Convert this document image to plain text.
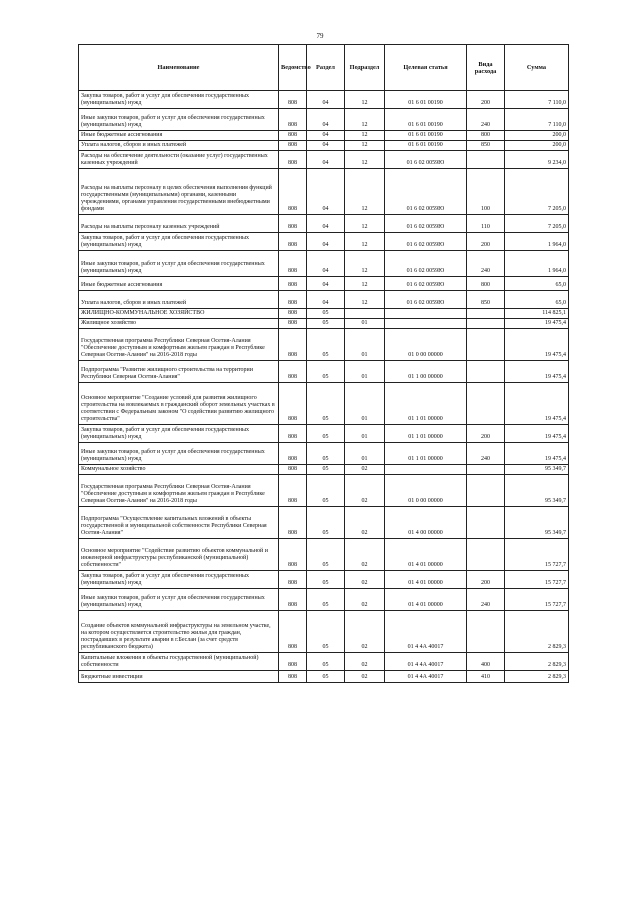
79
Наименование	Ведомство	Раздел	Подраздел	Целевая статья	Вида расхода	Сумма
Закупка товаров, работ и услуг для обеспечения государственных (муниципальных) нужд	808	04	12	01 6 01 00190	200	7 110,0
Иные закупки товаров, работ и услуг для обеспечения государственных (муниципальных) нужд	808	04	12	01 6 01 00190	240	7 110,0
Иные бюджетные ассигнования	808	04	12	01 6 01 00190	800	200,0
Уплата налогов, сборов и иных платежей	808	04	12	01 6 01 00190	850	200,0
Расходы на обеспечение деятельности (оказание услуг) государственных казенных учреждений	808	04	12	01 6 02 0059Ю		9 234,0
Расходы на выплаты персоналу в целях обеспечения выполнения функций государственными (муниципальными) органами, казенными учреждениями, органами управления государственными внебюджетными фондами	808	04	12	01 6 02 0059Ю	100	7 205,0
Расходы на выплаты персоналу казенных учреждений	808	04	12	01 6 02 0059Ю	110	7 205,0
Закупка товаров, работ и услуг для обеспечения государственных (муниципальных) нужд	808	04	12	01 6 02 0059Ю	200	1 964,0
Иные закупки товаров, работ и услуг для обеспечения государственных (муниципальных) нужд	808	04	12	01 6 02 0059Ю	240	1 964,0
Иные бюджетные ассигнования	808	04	12	01 6 02 0059Ю	800	65,0
Уплата налогов, сборов и иных платежей	808	04	12	01 6 02 0059Ю	850	65,0
ЖИЛИЩНО-КОММУНАЛЬНОЕ ХОЗЯЙСТВО	808	05				114 825,1
Жилищное хозяйство	808	05	01			19 475,4
Государственная программа Республики Северная Осетия-Алания "Обеспечение доступным и комфортным жильем граждан в Республике Северная Осетия-Алания" на 2016-2018 годы	808	05	01	01 0 00 00000		19 475,4
Подпрограмма "Развитие жилищного строительства на территории Республики Северная Осетия-Алания"	808	05	01	01 1 00 00000		19 475,4
Основное мероприятие "Создание условий для развития жилищного строительства на вовлекаемых в гражданский оборот земельных участках в соответствии с Федеральным законом "О содействии развитию жилищного строительства"	808	05	01	01 1 01 00000		19 475,4
Закупка товаров, работ и услуг для обеспечения государственных (муниципальных) нужд	808	05	01	01 1 01 00000	200	19 475,4
Иные закупки товаров, работ и услуг для обеспечения государственных (муниципальных) нужд	808	05	01	01 1 01 00000	240	19 475,4
Коммунальное хозяйство	808	05	02			95 349,7
Государственная программа Республики Северная Осетия-Алания "Обеспечение доступным и комфортным жильем граждан в Республике Северная Осетия-Алания" на 2016-2018 годы	808	05	02	01 0 00 00000		95 349,7
Подпрограмма "Осуществление капитальных вложений в объекты государственной и муниципальной собственности Республики Северная Осетия-Алания"	808	05	02	01 4 00 00000		95 349,7
Основное мероприятие "Содействие развитию объектов коммунальной и инженерной инфраструктуры республиканской (муниципальной) собственности"	808	05	02	01 4 01 00000		15 727,7
Закупка товаров, работ и услуг для обеспечения государственных (муниципальных) нужд	808	05	02	01 4 01 00000	200	15 727,7
Иные закупки товаров, работ и услуг для обеспечения государственных (муниципальных) нужд	808	05	02	01 4 01 00000	240	15 727,7
Создание объектов коммунальной инфраструктуры на земельном участке, на котором осуществляется строительство жилья для граждан, пострадавших в результате аварии в г.Беслан (за счет средств республиканского бюджета)	808	05	02	01 4 4А 40017		2 829,3
Капитальные вложения в объекты государственной (муниципальной) собственности	808	05	02	01 4 4А 40017	400	2 829,3
Бюджетные инвестиции	808	05	02	01 4 4А 40017	410	2 829,3
